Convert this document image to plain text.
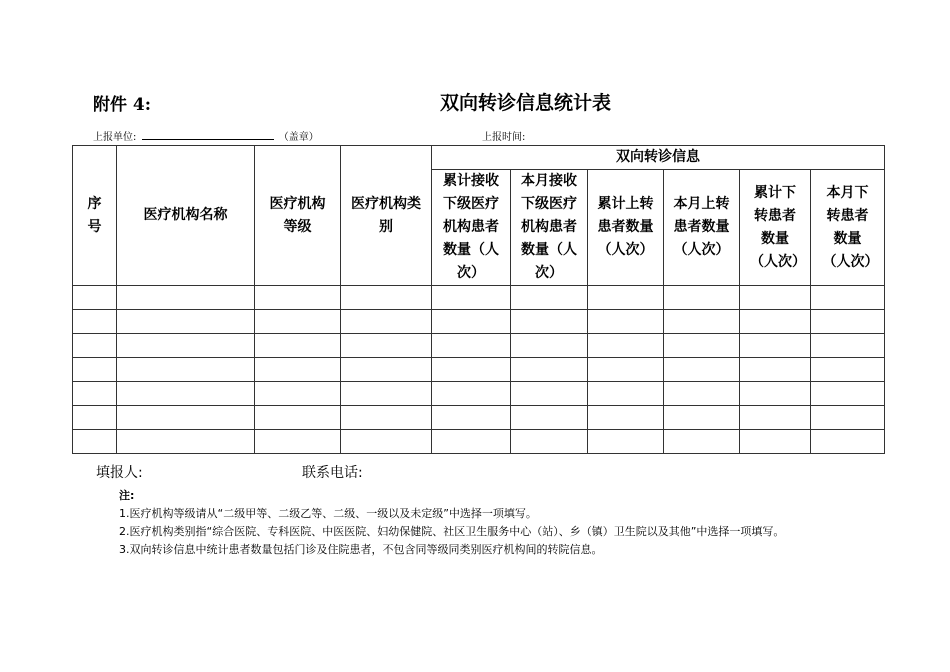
附件 4:	双向转诊信息统计表
上报单位:	（盖章）	上报时间:
序号	医疗机构名称	医疗机构等级	医疗机构类别	双向转诊信息					

				累计接收下级医疗机构患者数量（人次）	本月接收下级医疗机构患者数量（人次）	累计上转患者数量（人次）	本月上转患者数量（人次）	累计下转患者数量（人次）	本月下转患者数量（人次）

填报人:	联系电话:
注:
1.医疗机构等级请从“二级甲等、二级乙等、二级、一级以及未定级”中选择一项填写。
2.医疗机构类别指“综合医院、专科医院、中医医院、妇幼保健院、社区卫生服务中心（站）、乡（镇）卫生院以及其他”中选择一项填写。
3.双向转诊信息中统计患者数量包括门诊及住院患者，不包含同等级同类别医疗机构间的转院信息。
